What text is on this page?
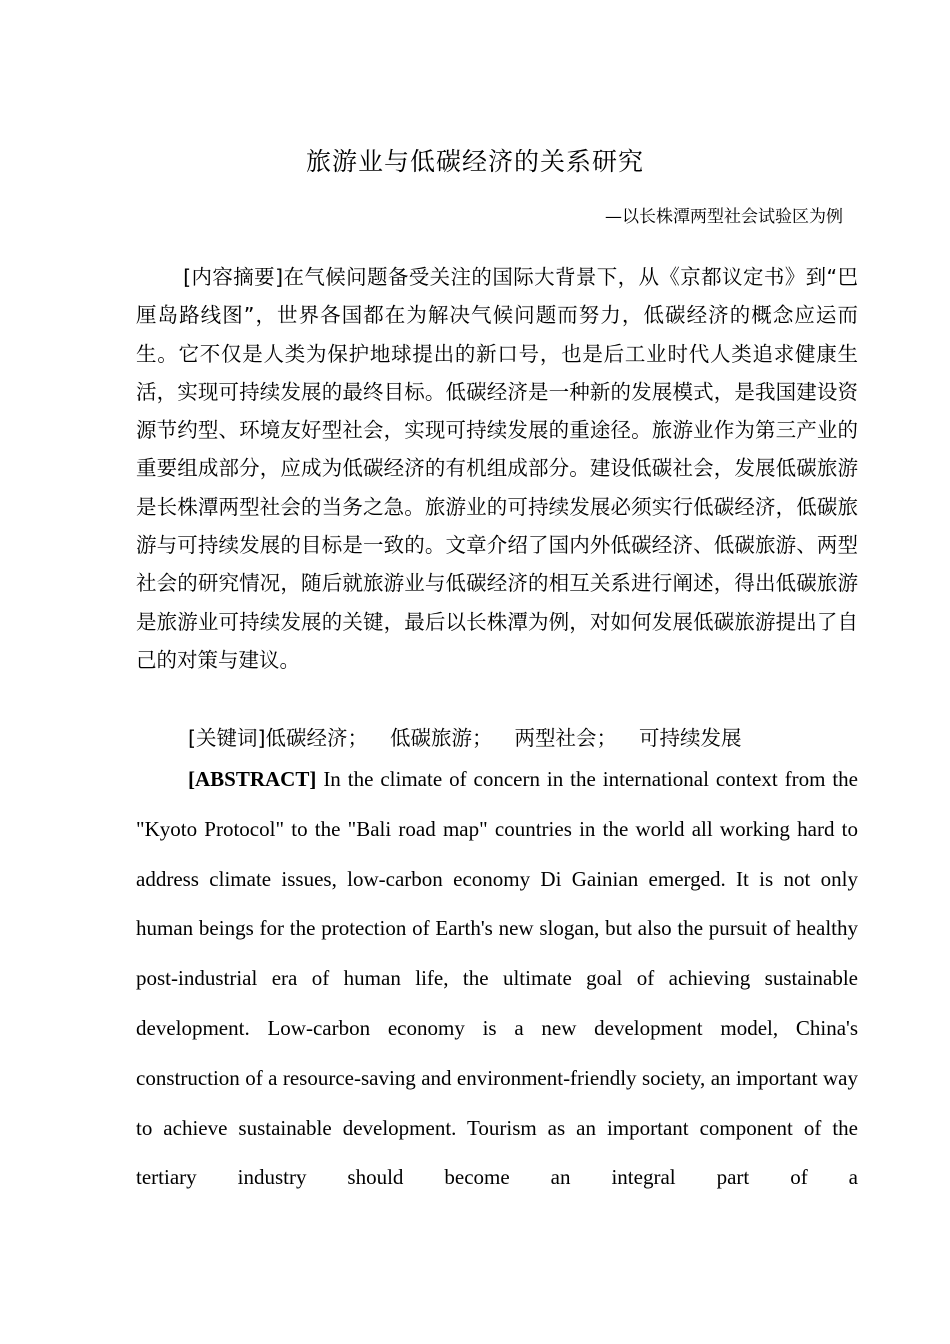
旅游业与低碳经济的关系研究
—以长株潭两型社会试验区为例

[内容摘要]在气候问题备受关注的国际大背景下，从《京都议定书》到“巴厘岛路线图”，世界各国都在为解决气候问题而努力，低碳经济的概念应运而生。它不仅是人类为保护地球提出的新口号，也是后工业时代人类追求健康生活，实现可持续发展的最终目标。低碳经济是一种新的发展模式，是我国建设资源节约型、环境友好型社会，实现可持续发展的重途径。旅游业作为第三产业的重要组成部分，应成为低碳经济的有机组成部分。建设低碳社会，发展低碳旅游是长株潭两型社会的当务之急。旅游业的可持续发展必须实行低碳经济，低碳旅游与可持续发展的目标是一致的。文章介绍了国内外低碳经济、低碳旅游、两型社会的研究情况，随后就旅游业与低碳经济的相互关系进行阐述，得出低碳旅游是旅游业可持续发展的关键，最后以长株潭为例，对如何发展低碳旅游提出了自己的对策与建议。

[关键词]低碳经济； 低碳旅游； 两型社会； 可持续发展

[ABSTRACT] In the climate of concern in the international context from the "Kyoto Protocol" to the "Bali road map" countries in the world all working hard to address climate issues, low-carbon economy Di Gainian emerged. It is not only human beings for the protection of Earth's new slogan, but also the pursuit of healthy post-industrial era of human life, the ultimate goal of achieving sustainable development. Low-carbon economy is a new development model, China's construction of a resource-saving and environment-friendly society, an important way to achieve sustainable development. Tourism as an important component of the tertiary industry should become an integral part of a
